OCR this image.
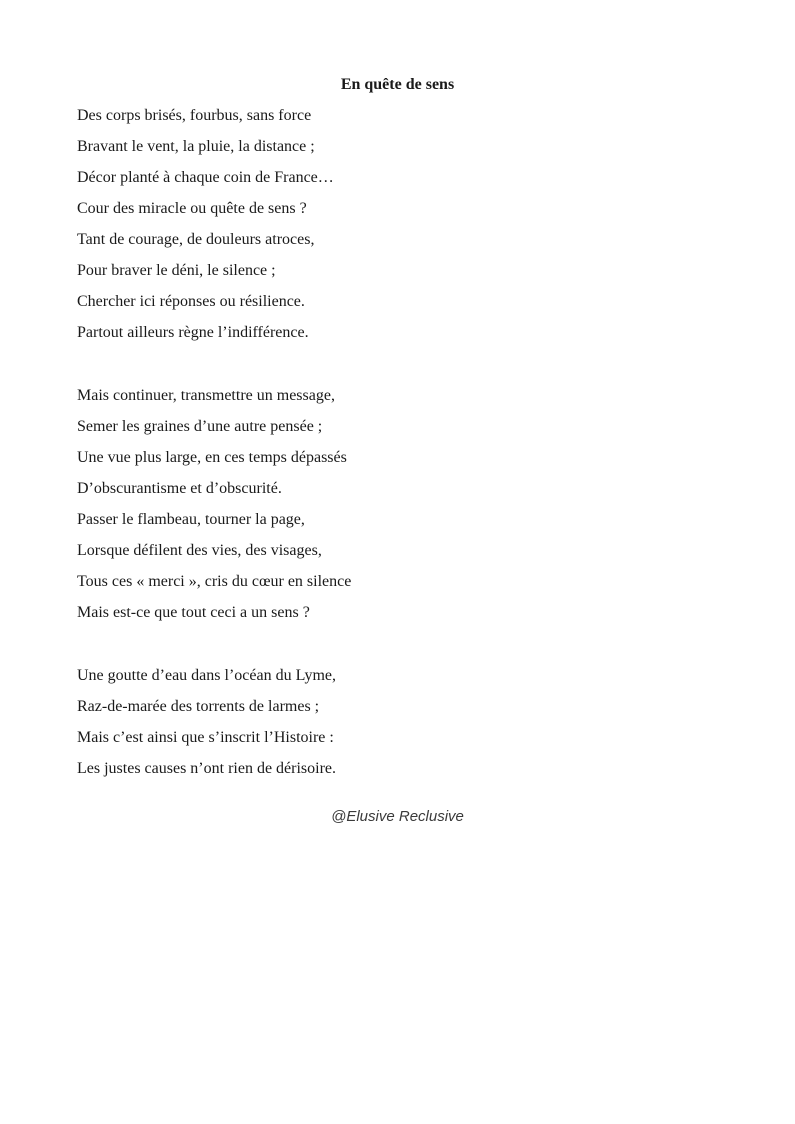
En quête de sens
Des corps brisés, fourbus, sans force
Bravant le vent, la pluie, la distance ;
Décor planté à chaque coin de France…
Cour des miracle ou quête de sens ?
Tant de courage, de douleurs atroces,
Pour braver le déni, le silence ;
Chercher ici réponses ou résilience.
Partout ailleurs règne l’indifférence.
Mais continuer, transmettre un message,
Semer les graines d’une autre pensée ;
Une vue plus large, en ces temps dépassés
D’obscurantisme et d’obscurité.
Passer le flambeau, tourner la page,
Lorsque défilent des vies, des visages,
Tous ces « merci », cris du cœur en silence
Mais est-ce que tout ceci a un sens ?
Une goutte d’eau dans l’océan du Lyme,
Raz-de-marée des torrents de larmes ;
Mais c’est ainsi que s’inscrit l’Histoire :
Les justes causes n’ont rien de dérisoire.
@Elusive Reclusive
